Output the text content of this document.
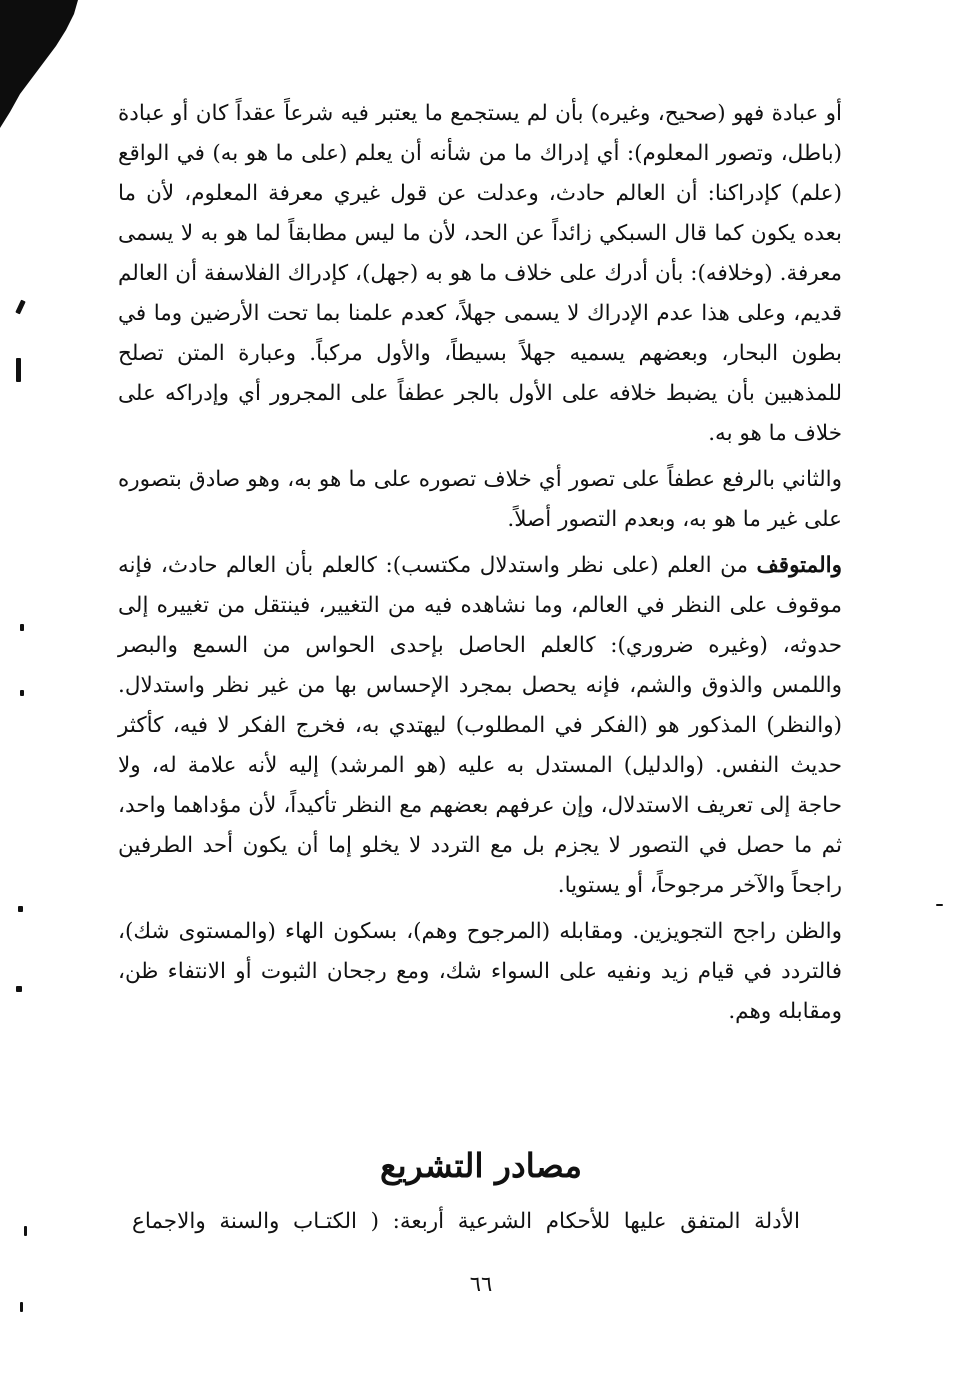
أو عبادة فهو (صحيح، وغيره) بأن لم يستجمع ما يعتبر فيه شرعاً عقداً كان أو عبادة (باطل، وتصور المعلوم): أي إدراك ما من شأنه أن يعلم (على ما هو به) في الواقع (علم) كإدراكنا: أن العالم حادث، وعدلت عن قول غيري معرفة المعلوم، لأن ما بعده يكون كما قال السبكي زائداً عن الحد، لأن ما ليس مطابقاً لما هو به لا يسمى معرفة. (وخلافه): بأن أدرك على خلاف ما هو به (جهل)، كإدراك الفلاسفة أن العالم قديم، وعلى هذا عدم الإدراك لا يسمى جهلاً، كعدم علمنا بما تحت الأرضين وما في بطون البحار، وبعضهم يسميه جهلاً بسيطاً، والأول مركباً. وعبارة المتن تصلح للمذهبين بأن يضبط خلافه على الأول بالجر عطفاً على المجرور أي وإدراكه على خلاف ما هو به.

والثاني بالرفع عطفاً على تصور أي خلاف تصوره على ما هو به، وهو صادق بتصوره على غير ما هو به، وبعدم التصور أصلاً.

والمتوقف من العلم (على نظر واستدلال مكتسب): كالعلم بأن العالم حادث، فإنه موقوف على النظر في العالم، وما نشاهده فيه من التغيير، فينتقل من تغييره إلى حدوثه، (وغيره ضروري): كالعلم الحاصل بإحدى الحواس من السمع والبصر واللمس والذوق والشم، فإنه يحصل بمجرد الإحساس بها من غير نظر واستدلال. (والنظر) المذكور هو (الفكر في المطلوب) ليهتدي به، فخرج الفكر لا فيه، كأكثر حديث النفس. (والدليل) المستدل به عليه (هو المرشد) إليه لأنه علامة له، ولا حاجة إلى تعريف الاستدلال، وإن عرفهم بعضهم مع النظر تأكيداً، لأن مؤداهما واحد، ثم ما حصل في التصور لا يجزم بل مع التردد لا يخلو إما أن يكون أحد الطرفين راجحاً والآخر مرجوحاً، أو يستويا.

والظن راجح التجويزين. ومقابله (المرجوح وهم)، بسكون الهاء (والمستوى شك)، فالتردد في قيام زيد ونفيه على السواء شك، ومع رجحان الثبوت أو الانتفاء ظن، ومقابله وهم.

مصادر التشريع
الأدلة المتفق عليها للأحكام الشرعية أربعة: ( الكتـاب والسنة والاجماع
٦٦
